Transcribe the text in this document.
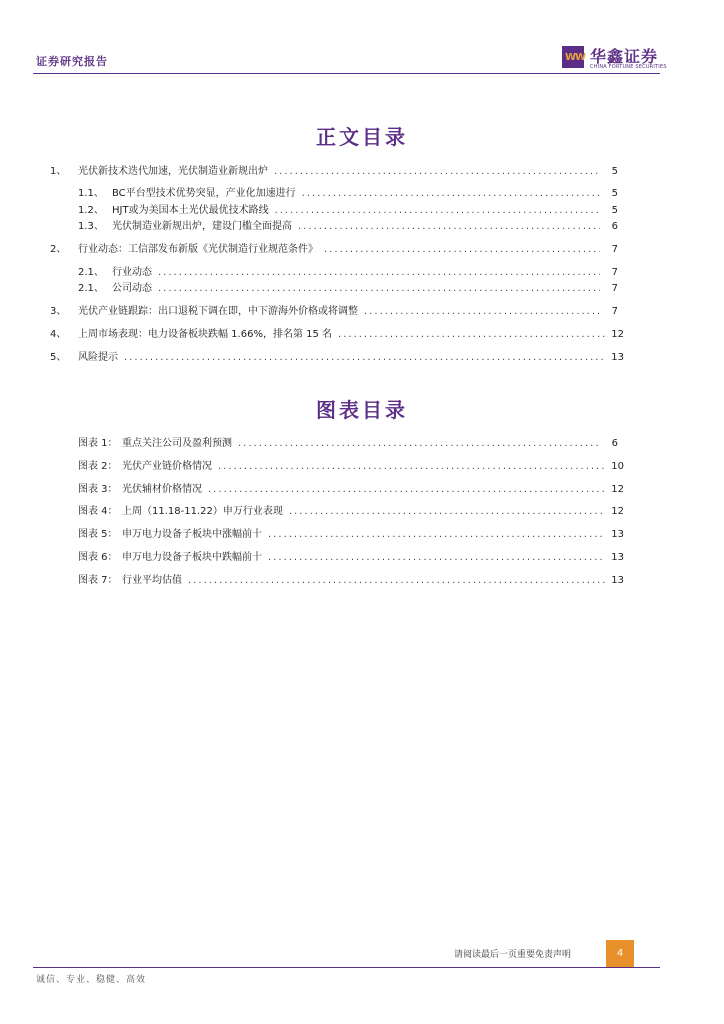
证券研究报告	WW 华鑫证券
CHINA FORTUNE SECURITIES
正文目录
1、	光伏新技术迭代加速，光伏制造业新规出炉 .....	5
1.1、 BC平台型技术优势突显，产业化加速进行 .....	5
1.2、 HJT或为美国本土光伏最优技术路线 .....	5
1.3、 光伏制造业新规出炉，建设门槛全面提高 .....	6
2、	行业动态：工信部发布新版《光伏制造行业规范条件》 .....	7
2.1、 行业动态 .....	7
2.1、 公司动态 .....	7
3、	光伏产业链跟踪：出口退税下调在即，中下游海外价格或将调整 .....	7
4、	上周市场表现：电力设备板块跌幅 1.66%，排名第 15 名 .....	12
5、	风险提示 .....	13
图表目录
图表 1： 重点关注公司及盈利预测 .....	6
图表 2： 光伏产业链价格情况 .....	10
图表 3： 光伏辅材价格情况 .....	12
图表 4： 上周（11.18-11.22）申万行业表现 .....	12
图表 5： 申万电力设备子板块中涨幅前十 .....	13
图表 6： 申万电力设备子板块中跌幅前十 .....	13
图表 7： 行业平均估值 .....	13
请阅读最后一页重要免责声明	4
诚信、专业、稳健、高效
